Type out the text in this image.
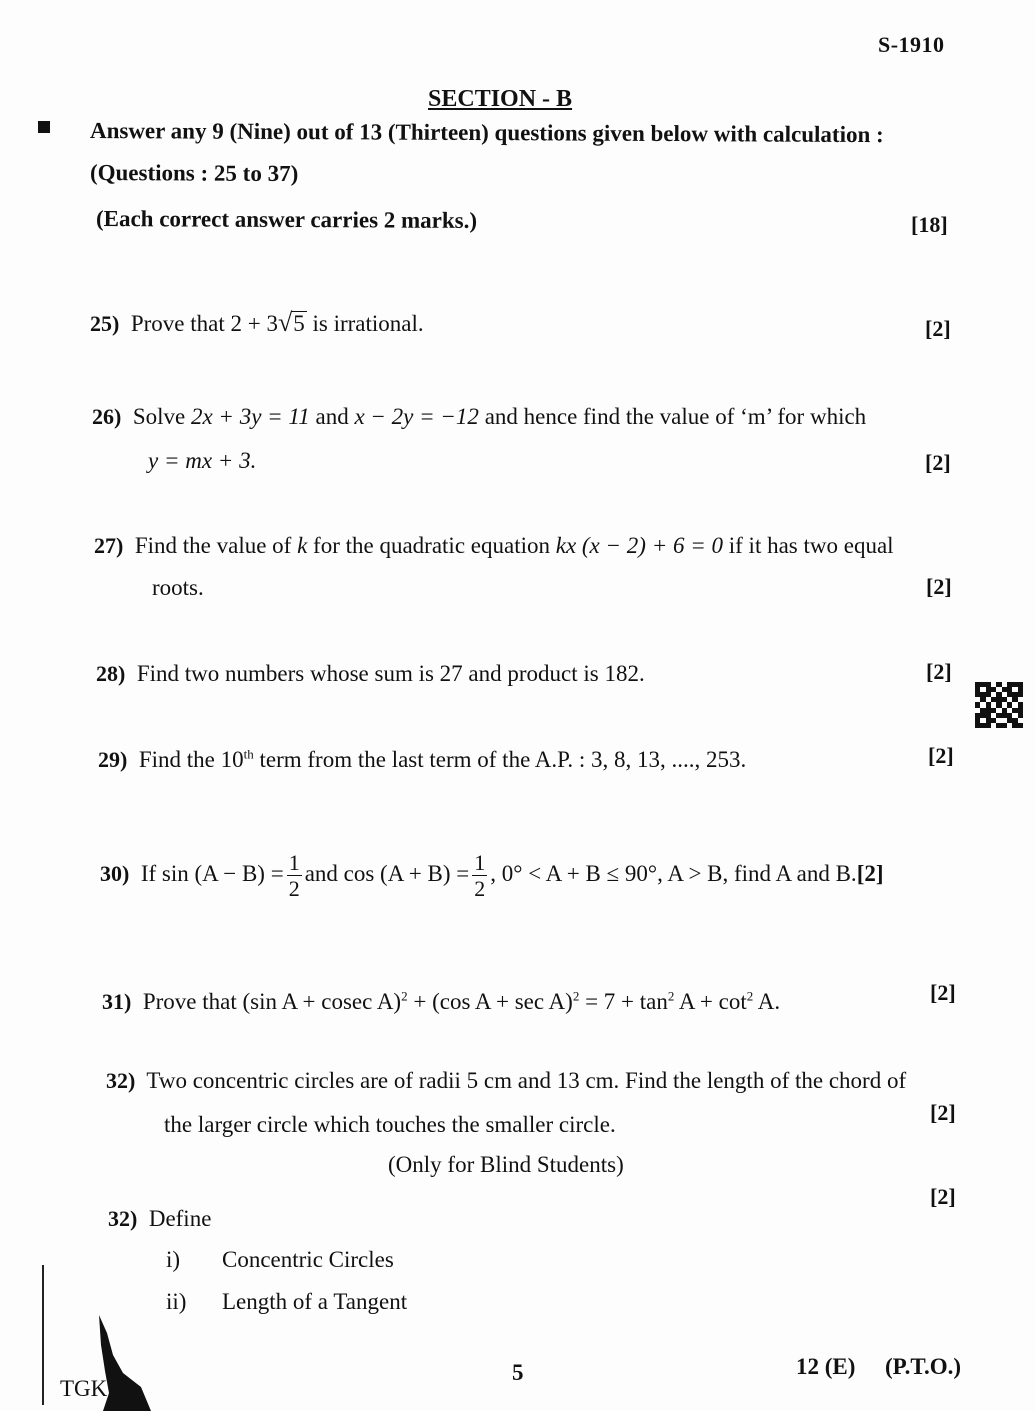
S-1910
SECTION - B
Answer any 9 (Nine) out of 13 (Thirteen) questions given below with calculation :
(Questions : 25 to 37)
(Each correct answer carries 2 marks.)	[18]
25) Prove that 2 + 3√5 is irrational.	[2]
26) Solve 2x + 3y = 11 and x − 2y = −12 and hence find the value of ‘m’ for which
y = mx + 3.	[2]
27) Find the value of k for the quadratic equation kx (x − 2) + 6 = 0 if it has two equal
roots.	[2]
28) Find two numbers whose sum is 27 and product is 182.	[2]
29) Find the 10th term from the last term of the A.P. : 3, 8, 13, ...., 253.	[2]
30) If $\sin (A - B) = \frac{1}{2}$ and $\cos (A + B) = \frac{1}{2}$ , 0° < A + B ≤ 90°, A > B, find A and B.[2]
31) Prove that (sin A + cosec A)$^2$ + (cos $A + \sec A)^2 = 7 + \tan^2 A + \cot^2 A$.	[2]
32) Two concentric circles are of radii 5 cm and 13 cm. Find the length of the chord of
the larger circle which touches the smaller circle.	[2]
(Only for Blind Students)
32) Define
[2]
i) Concentric Circles
ii) Length of a Tangent
TGK
5	12 (E) (P.T.O.)
